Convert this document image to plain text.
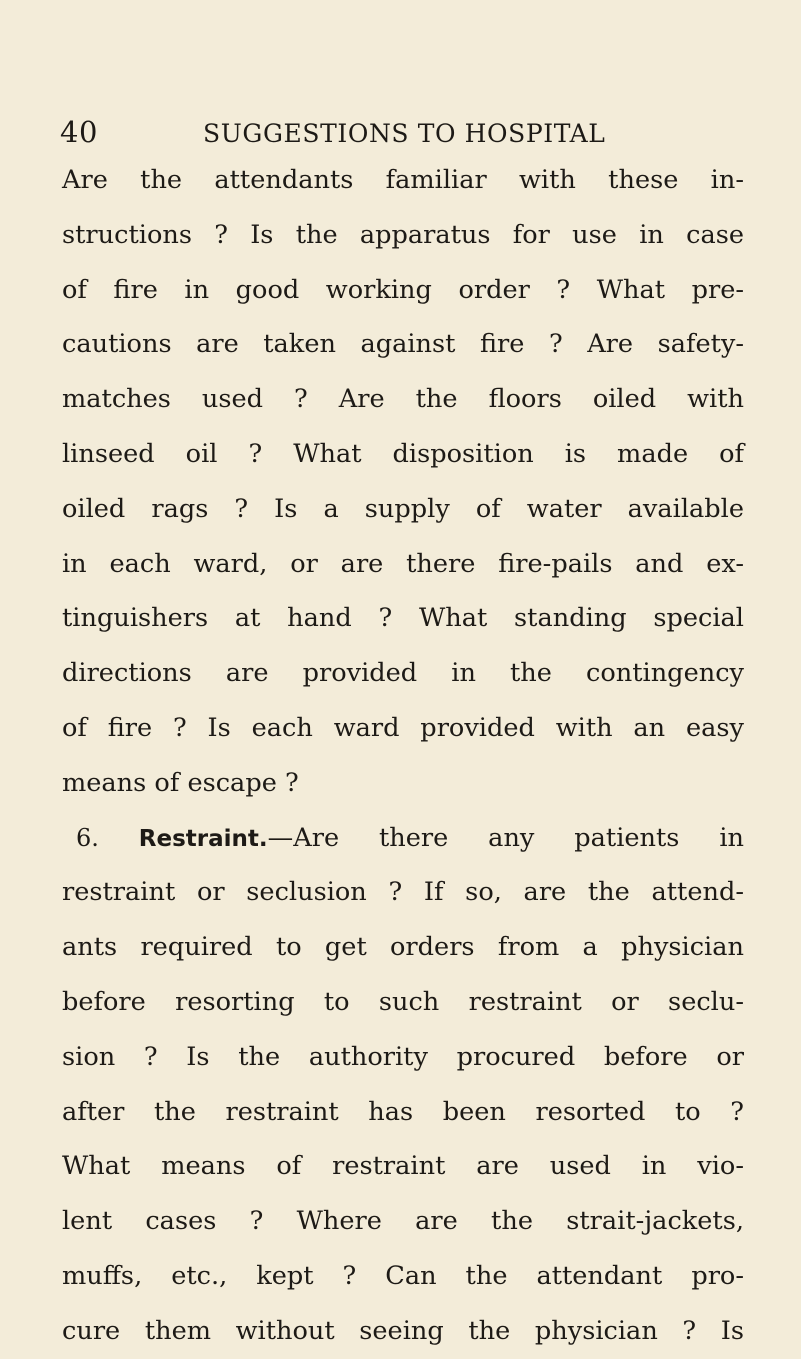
40	SUGGESTIONS TO HOSPITAL
Are the attendants familiar with these in-
structions ? Is the apparatus for use in case
of fire in good working order ? What pre-
cautions are taken against fire ? Are safety-
matches used ? Are the floors oiled with
linseed oil ? What disposition is made of
oiled rags ? Is a supply of water available
in each ward, or are there fire-pails and ex-
tinguishers at hand ? What standing special
directions are provided in the contingency
of fire ? Is each ward provided with an easy
means of escape ?
6. Restraint.—Are there any patients in
restraint or seclusion ? If so, are the attend-
ants required to get orders from a physician
before resorting to such restraint or seclu-
sion ? Is the authority procured before or
after the restraint has been resorted to ?
What means of restraint are used in vio-
lent cases ? Where are the strait-jackets,
muffs, etc., kept ? Can the attendant pro-
cure them without seeing the physician ? Is
